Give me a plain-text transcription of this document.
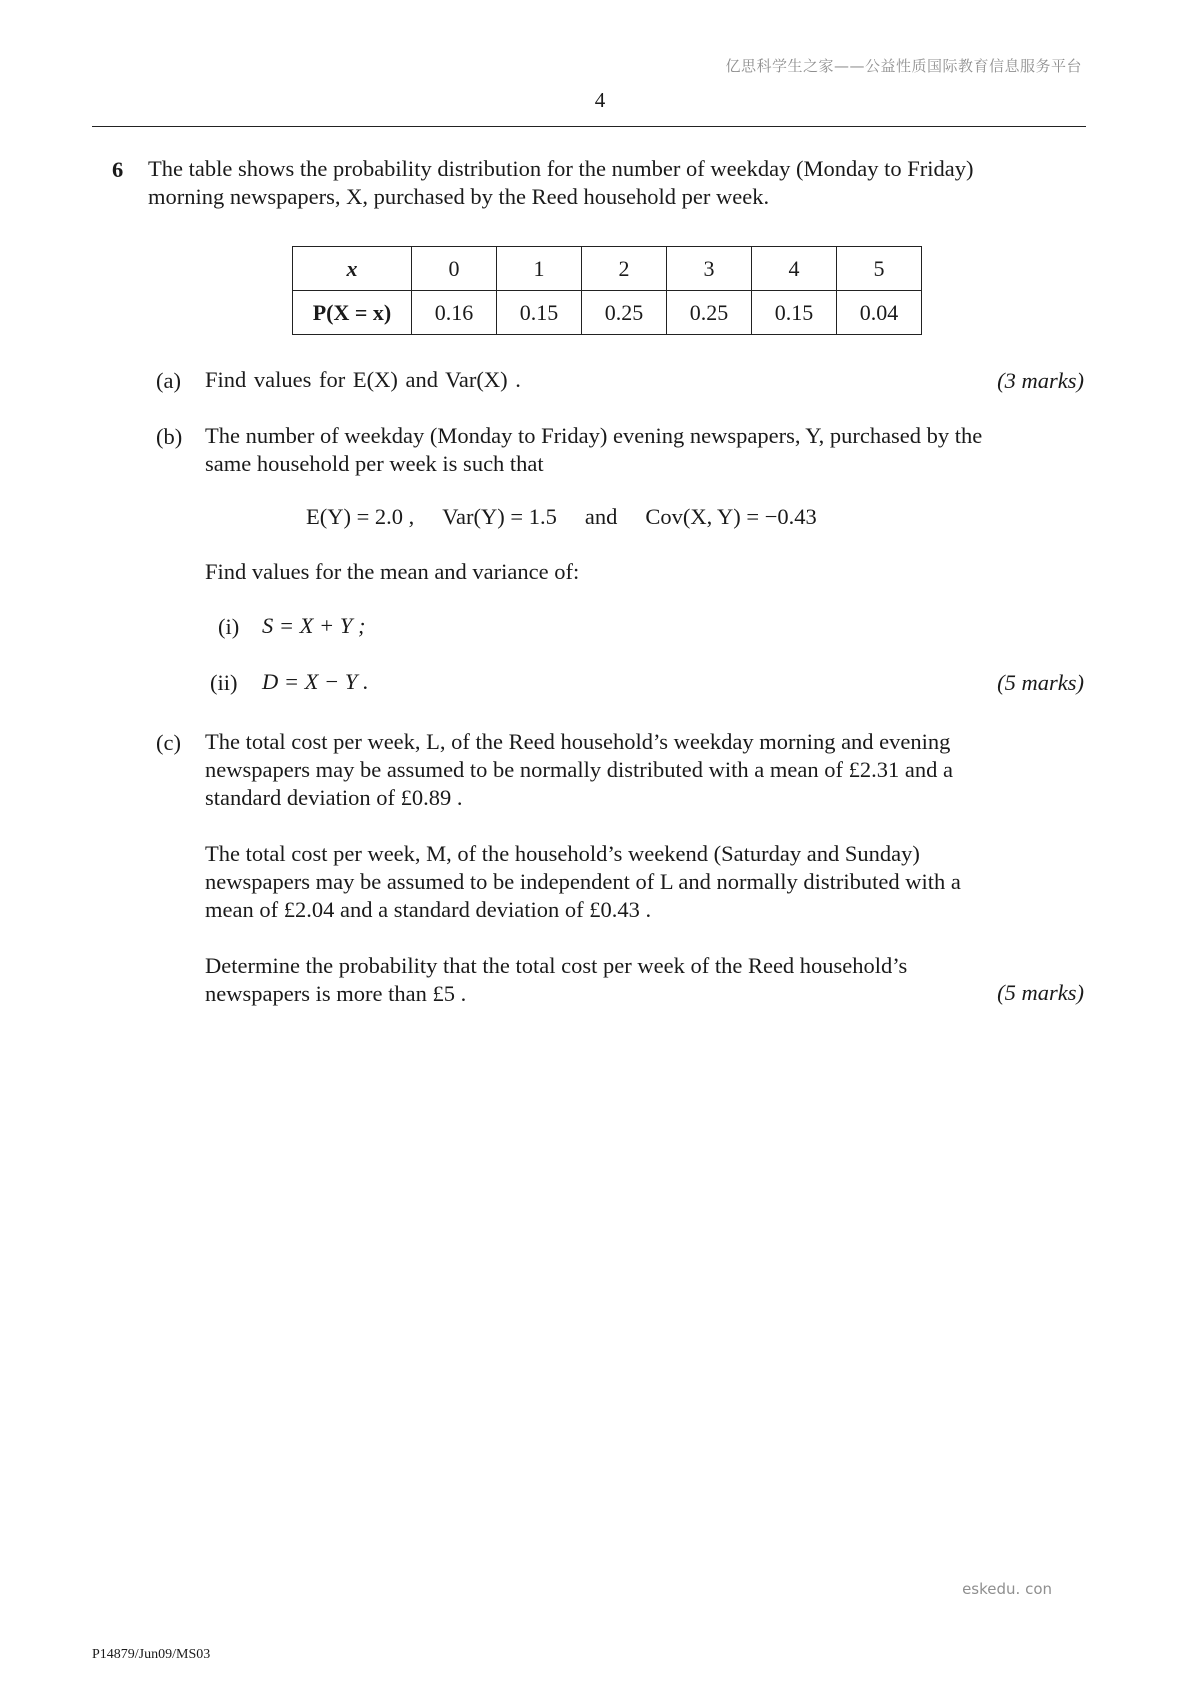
亿思科学生之家——公益性质国际教育信息服务平台
4
6 The table shows the probability distribution for the number of weekday (Monday to Friday)
morning newspapers, X, purchased by the Reed household per week.
x	0	1	2	3	4	5
P(X = x)	0.16	0.15	0.25	0.25	0.15	0.04
(a) Find values for E(X) and Var(X) .	(3 marks)
(b) The number of weekday (Monday to Friday) evening newspapers, Y, purchased by the
same household per week is such that
E(Y) = 2.0 , Var(Y) = 1.5 and Cov(X, Y) = −0.43
Find values for the mean and variance of:
(i) S = X + Y ;
(ii) D = X − Y .	(5 marks)
(c) The total cost per week, L, of the Reed household’s weekday morning and evening
newspapers may be assumed to be normally distributed with a mean of £2.31 and a
standard deviation of £0.89 .
The total cost per week, M, of the household’s weekend (Saturday and Sunday)
newspapers may be assumed to be independent of L and normally distributed with a
mean of £2.04 and a standard deviation of £0.43 .
Determine the probability that the total cost per week of the Reed household’s
newspapers is more than £5 .	(5 marks)
eskedu. con
P14879/Jun09/MS03
